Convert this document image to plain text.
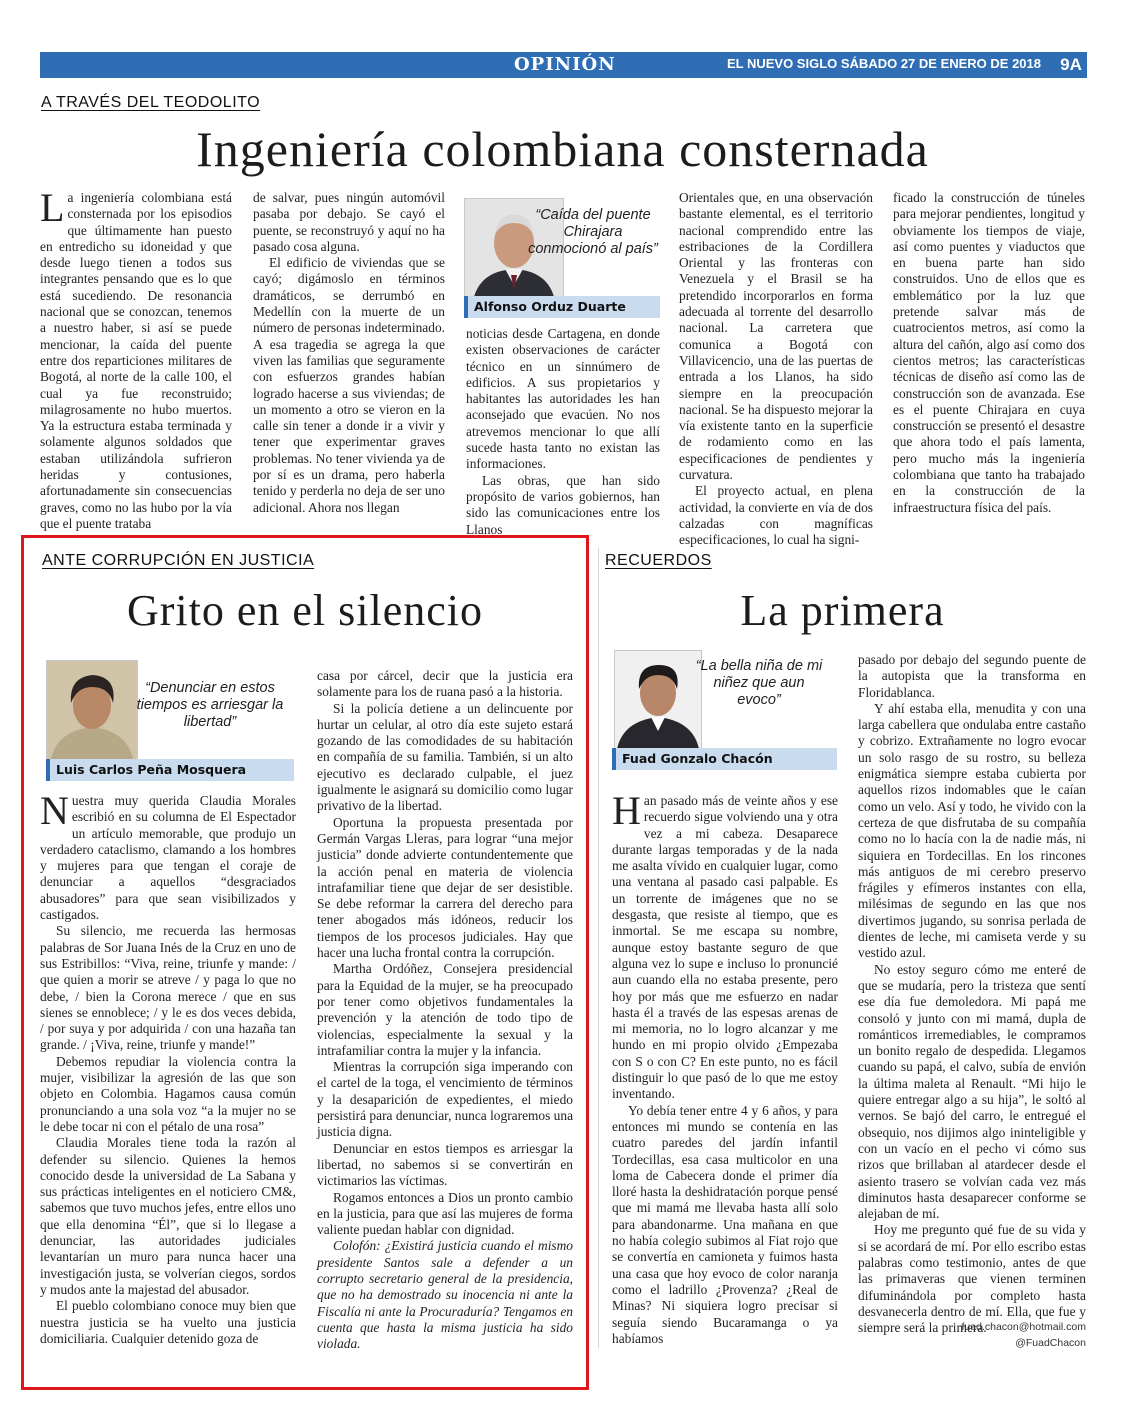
OPINIÓN	EL NUEVO SIGLO SÁBADO 27 DE ENERO DE 2018	9A
A TRAVÉS DEL TEODOLITO
Ingeniería colombiana consternada

La ingeniería colombiana está consternada por los episodios que últimamente han puesto en entredicho su idoneidad y que desde luego tienen a todos sus integrantes pensando que es lo que está sucediendo. De resonancia nacional que se conozcan, tenemos a nuestro haber, si así se puede mencionar, la caída del puente entre dos reparticiones militares de Bogotá, al norte de la calle 100, el cual ya fue reconstruido; milagrosamente no hubo muertos. Ya la estructura estaba terminada y solamente algunos soldados que estaban utilizándola sufrieron heridas y contusiones, afortunadamente sin consecuencias graves, como no las hubo por la vía que el puente trataba

de salvar, pues ningún automóvil pasaba por debajo. Se cayó el puente, se reconstruyó y aquí no ha pasado cosa alguna.

El edificio de viviendas que se cayó; digámoslo en términos dramáticos, se derrumbó en Medellín con la muerte de un número de personas indeterminado. A esa tragedia se agrega la que viven las familias que seguramente con esfuerzos grandes habían logrado hacerse a sus viviendas; de un momento a otro se vieron en la calle sin tener a donde ir a vivir y tener que experimentar graves problemas. No tener vivienda ya de por sí es un drama, pero haberla tenido y perderla no deja de ser uno adicional. Ahora nos llegan

“Caída del puente Chirajara conmocionó al país”
Alfonso Orduz Duarte

noticias desde Cartagena, en donde existen observaciones de carácter técnico en un sinnúmero de edificios. A sus propietarios y habitantes las autoridades les han aconsejado que evacúen. No nos atrevemos mencionar lo que allí sucede hasta tanto no existan las informaciones.

Las obras, que han sido propósito de varios gobiernos, han sido las comunicaciones entre los Llanos

Orientales que, en una observación bastante elemental, es el territorio nacional comprendido entre las estribaciones de la Cordillera Oriental y las fronteras con Venezuela y el Brasil se ha pretendido incorporarlos en forma adecuada al torrente del desarrollo nacional. La carretera que comunica a Bogotá con Villavicencio, una de las puertas de entrada a los Llanos, ha sido siempre en la preocupación nacional. Se ha dispuesto mejorar la vía existente tanto en la superficie de rodamiento como en las especificaciones de pendientes y curvatura.

El proyecto actual, en plena actividad, la convierte en vía de dos calzadas con magníficas especificaciones, lo cual ha signi-

ficado la construcción de túneles para mejorar pendientes, longitud y obviamente los tiempos de viaje, así como puentes y viaductos que en buena parte han sido construidos. Uno de ellos que es emblemático por la luz que pretende salvar más de cuatrocientos metros, así como la altura del cañón, algo así como dos cientos metros; las características técnicas de diseño así como las de construcción son de avanzada. Ese es el puente Chirajara en cuya construcción se presentó el desastre que ahora todo el país lamenta, pero mucho más la ingeniería colombiana que tanto ha trabajado en la construcción de la infraestructura física del país.

ANTE CORRUPCIÓN EN JUSTICIA
Grito en el silencio
“Denunciar en estos tiempos es arriesgar la libertad”
Luis Carlos Peña Mosquera

Nuestra muy querida Claudia Morales escribió en su columna de El Espectador un artículo memorable, que produjo un verdadero cataclismo, clamando a los hombres y mujeres para que tengan el coraje de denunciar a aquellos “desgraciados abusadores” para que sean visibilizados y castigados.

Su silencio, me recuerda las hermosas palabras de Sor Juana Inés de la Cruz en uno de sus Estribillos: “Viva, reine, triunfe y mande: / que quien a morir se atreve / y paga lo que no debe, / bien la Corona merece / que en sus sienes se ennoblece; / y le es dos veces debida, / por suya y por adquirida / con una hazaña tan grande. / ¡Viva, reine, triunfe y mande!”

Debemos repudiar la violencia contra la mujer, visibilizar la agresión de las que son objeto en Colombia. Hagamos causa común pronunciando a una sola voz “a la mujer no se le debe tocar ni con el pétalo de una rosa”

Claudia Morales tiene toda la razón al defender su silencio. Quienes la hemos conocido desde la universidad de La Sabana y sus prácticas inteligentes en el noticiero CM&, sabemos que tuvo muchos jefes, entre ellos uno que ella denomina “Él”, que si lo llegase a denunciar, las autoridades judiciales levantarían un muro para nunca hacer una investigación justa, se volverían ciegos, sordos y mudos ante la majestad del abusador.

El pueblo colombiano conoce muy bien que nuestra justicia se ha vuelto una justicia domiciliaria. Cualquier detenido goza de

casa por cárcel, decir que la justicia era solamente para los de ruana pasó a la historia.

Si la policía detiene a un delincuente por hurtar un celular, al otro día este sujeto estará gozando de las comodidades de su habitación en compañía de su familia. También, si un alto ejecutivo es declarado culpable, el juez igualmente le asignará su domicilio como lugar privativo de la libertad.

Oportuna la propuesta presentada por Germán Vargas Lleras, para lograr “una mejor justicia” donde advierte contundentemente que la acción penal en materia de violencia intrafamiliar tiene que dejar de ser desistible. Se debe reformar la carrera del derecho para tener abogados más idóneos, reducir los tiempos de los procesos judiciales. Hay que hacer una lucha frontal contra la corrupción.

Martha Ordóñez, Consejera presidencial para la Equidad de la mujer, se ha preocupado por tener como objetivos fundamentales la prevención y la atención de todo tipo de violencias, especialmente la sexual y la intrafamiliar contra la mujer y la infancia.

Mientras la corrupción siga imperando con el cartel de la toga, el vencimiento de términos y la desaparición de expedientes, el miedo persistirá para denunciar, nunca lograremos una justicia digna.

Denunciar en estos tiempos es arriesgar la libertad, no sabemos si se convertirán en victimarios las víctimas.

Rogamos entonces a Dios un pronto cambio en la justicia, para que así las mujeres de forma valiente puedan hablar con dignidad.

Colofón: ¿Existirá justicia cuando el mismo presidente Santos sale a defender a un corrupto secretario general de la presidencia, que no ha demostrado su inocencia ni ante la Fiscalía ni ante la Procuraduría? Tengamos en cuenta que hasta la misma justicia ha sido violada.

RECUERDOS
La primera
“La bella niña de mi niñez que aun evoco”
Fuad Gonzalo Chacón

Han pasado más de veinte años y ese recuerdo sigue volviendo una y otra vez a mi cabeza. Desaparece durante largas temporadas y de la nada me asalta vívido en cualquier lugar, como una ventana al pasado casi palpable. Es un torrente de imágenes que no se desgasta, que resiste al tiempo, que es inmortal. Se me escapa su nombre, aunque estoy bastante seguro de que alguna vez lo supe e incluso lo pronuncié aun cuando ella no estaba presente, pero hoy por más que me esfuerzo en nadar hasta él a través de las espesas arenas de mi memoria, no lo logro alcanzar y me hundo en mi propio olvido ¿Empezaba con S o con C? En este punto, no es fácil distinguir lo que pasó de lo que me estoy inventando.

Yo debía tener entre 4 y 6 años, y para entonces mi mundo se contenía en las cuatro paredes del jardín infantil Tordecillas, esa casa multicolor en una loma de Cabecera donde el primer día lloré hasta la deshidratación porque pensé que mi mamá me llevaba hasta allí solo para abandonarme. Una mañana en que no había colegio subimos al Fiat rojo que se convertía en camioneta y fuimos hasta una casa que hoy evoco de color naranja como el ladrillo ¿Provenza? ¿Real de Minas? Ni siquiera logro precisar si seguía siendo Bucaramanga o ya habíamos

pasado por debajo del segundo puente de la autopista que la transforma en Floridablanca.

Y ahí estaba ella, menudita y con una larga cabellera que ondulaba entre castaño y cobrizo. Extrañamente no logro evocar un solo rasgo de su rostro, su belleza enigmática siempre estaba cubierta por aquellos rizos indomables que le caían como un velo. Así y todo, he vivido con la certeza de que disfrutaba de su compañía como no lo hacía con la de nadie más, ni siquiera en Tordecillas. En los rincones más antiguos de mi cerebro preservo frágiles y efímeros instantes con ella, milésimas de segundo en las que nos divertimos jugando, su sonrisa perlada de dientes de leche, mi camiseta verde y su vestido azul.

No estoy seguro cómo me enteré de que se mudaría, pero la tristeza que sentí ese día fue demoledora. Mi papá me consoló y junto con mi mamá, dupla de románticos irremediables, le compramos un bonito regalo de despedida. Llegamos cuando su papá, el calvo, subía de envión la última maleta al Renault. “Mi hijo le quiere entregar algo a su hija”, le soltó al vernos. Se bajó del carro, le entregué el obsequio, nos dijimos algo ininteligible y con un vacío en el pecho vi cómo sus rizos que brillaban al atardecer desde el asiento trasero se volvían cada vez más diminutos hasta desaparecer conforme se alejaban de mí.

Hoy me pregunto qué fue de su vida y si se acordará de mí. Por ello escribo estas palabras como testimonio, antes de que las primaveras que vienen terminen difuminándola por completo hasta desvanecerla dentro de mí. Ella, que fue y siempre será la primera.

fuad.chacon@hotmail.com
@FuadChacon
